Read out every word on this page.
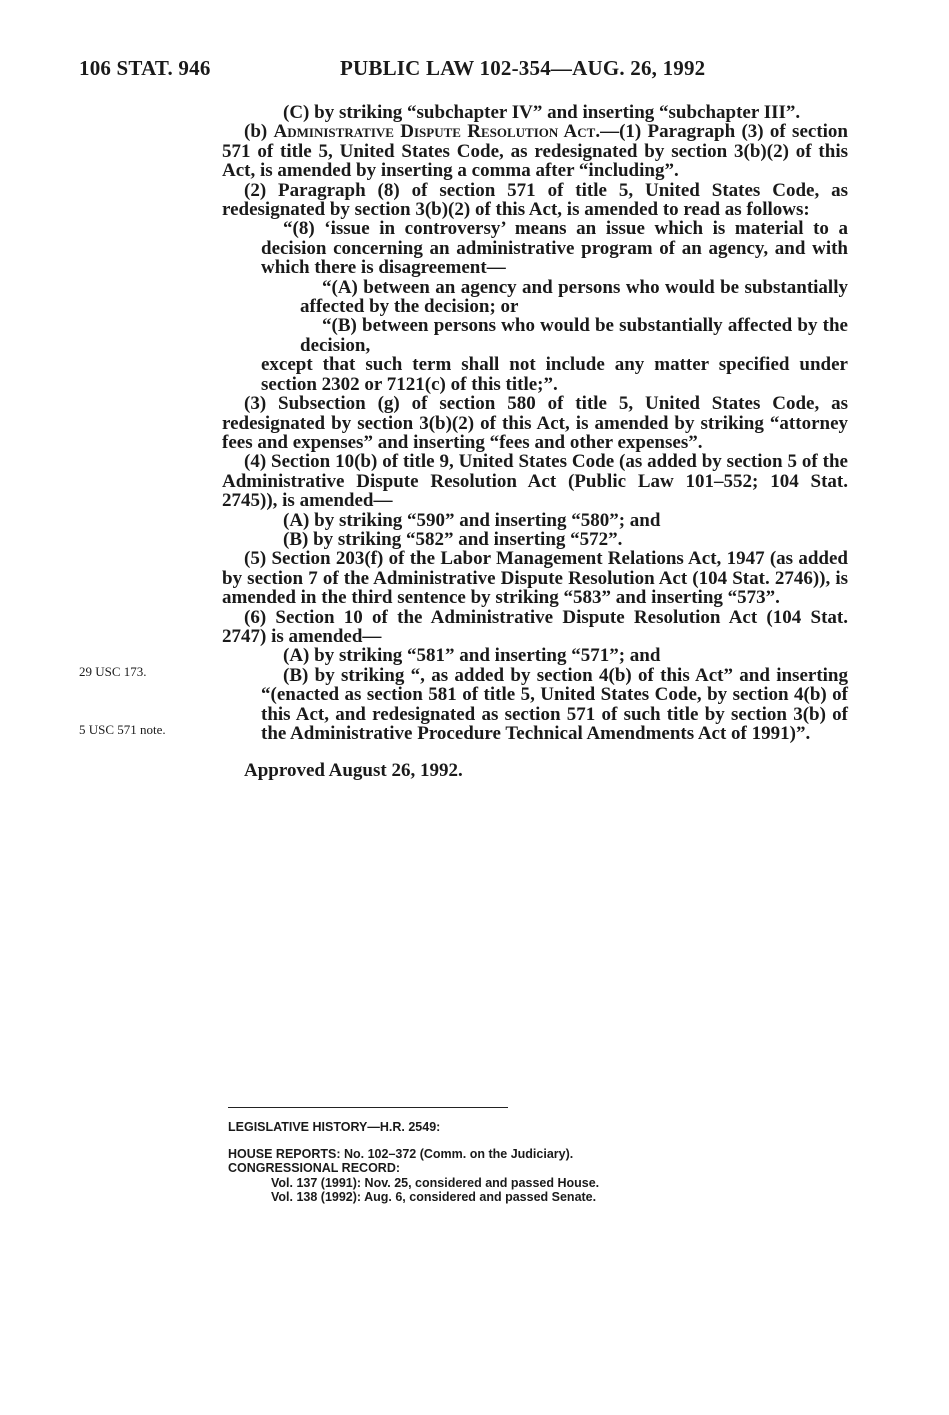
106 STAT. 946	PUBLIC LAW 102-354—AUG. 26, 1992
29 USC 173.
5 USC 571 note.

(C) by striking “subchapter IV” and inserting “subchapter III”.

(b) Administrative Dispute Resolution Act.—(1) Paragraph (3) of section 571 of title 5, United States Code, as redesignated by section 3(b)(2) of this Act, is amended by inserting a comma after “including”.

(2) Paragraph (8) of section 571 of title 5, United States Code, as redesignated by section 3(b)(2) of this Act, is amended to read as follows:

“(8) ‘issue in controversy’ means an issue which is material to a decision concerning an administrative program of an agency, and with which there is disagreement—

“(A) between an agency and persons who would be substantially affected by the decision; or

“(B) between persons who would be substantially affected by the decision,

except that such term shall not include any matter specified under section 2302 or 7121(c) of this title;”.

(3) Subsection (g) of section 580 of title 5, United States Code, as redesignated by section 3(b)(2) of this Act, is amended by striking “attorney fees and expenses” and inserting “fees and other expenses”.

(4) Section 10(b) of title 9, United States Code (as added by section 5 of the Administrative Dispute Resolution Act (Public Law 101–552; 104 Stat. 2745)), is amended—

(A) by striking “590” and inserting “580”; and

(B) by striking “582” and inserting “572”.

(5) Section 203(f) of the Labor Management Relations Act, 1947 (as added by section 7 of the Administrative Dispute Resolution Act (104 Stat. 2746)), is amended in the third sentence by striking “583” and inserting “573”.

(6) Section 10 of the Administrative Dispute Resolution Act (104 Stat. 2747) is amended—

(A) by striking “581” and inserting “571”; and

(B) by striking “, as added by section 4(b) of this Act” and inserting “(enacted as section 581 of title 5, United States Code, by section 4(b) of this Act, and redesignated as section 571 of such title by section 3(b) of the Administrative Procedure Technical Amendments Act of 1991)”.

Approved August 26, 1992.

LEGISLATIVE HISTORY—H.R. 2549:
HOUSE REPORTS: No. 102–372 (Comm. on the Judiciary).
CONGRESSIONAL RECORD:
Vol. 137 (1991): Nov. 25, considered and passed House.
Vol. 138 (1992): Aug. 6, considered and passed Senate.
